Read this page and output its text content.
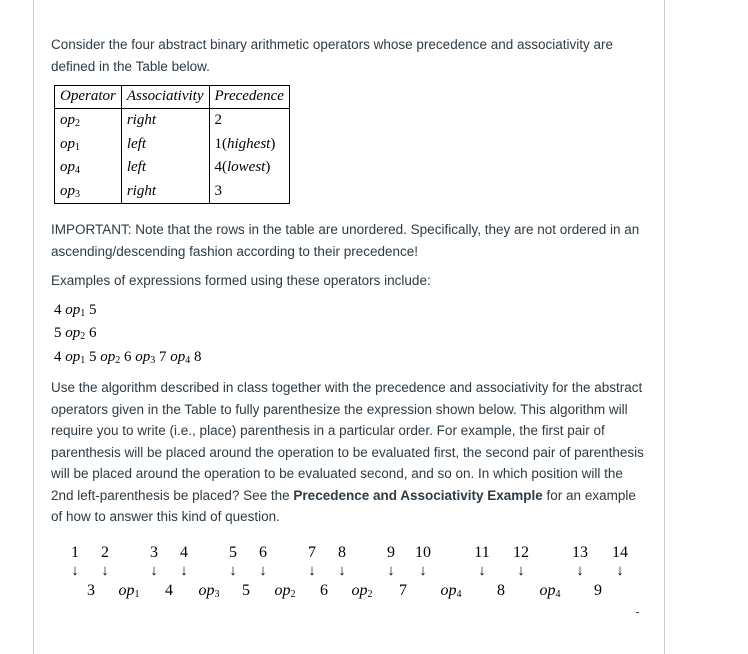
Consider the four abstract binary arithmetic operators whose precedence and associativity are defined in the Table below.

Operator	Associativity	Precedence
$op_2$	right	2
$op_1$	left	1(highest)
$op_4$	left	4(lowest)
$op_3$	right	3

IMPORTANT: Note that the rows in the table are unordered. Specifically, they are not ordered in an ascending/descending fashion according to their precedence!

Examples of expressions formed using these operators include:

4 $op_1$ 5
5 $op_2$ 6
4 $op_1$ 5 $op_2$ 6 $op_3$ 7 $op_4$ 8

Use the algorithm described in class together with the precedence and associativity for the abstract operators given in the Table to fully parenthesize the expression shown below. This algorithm will require you to write (i.e., place) parenthesis in a particular order. For example, the first pair of parenthesis will be placed around the operation to be evaluated first, the second pair of parenthesis will be placed around the operation to be evaluated second, and so on. In which position will the 2nd left-parenthesis be placed? See the Precedence and Associativity Example for an example of how to answer this kind of question.

1
↓
2
↓
3
↓
4
↓
5
↓
6
↓
7
↓
8
↓
9
↓
10
↓
11
↓
12
↓
13
↓
14
↓
3 $op_1$ 4 $op_3$ 5 $op_2$ 6 $op_2$ 7 $op_4$ 8 $op_4$ 9
